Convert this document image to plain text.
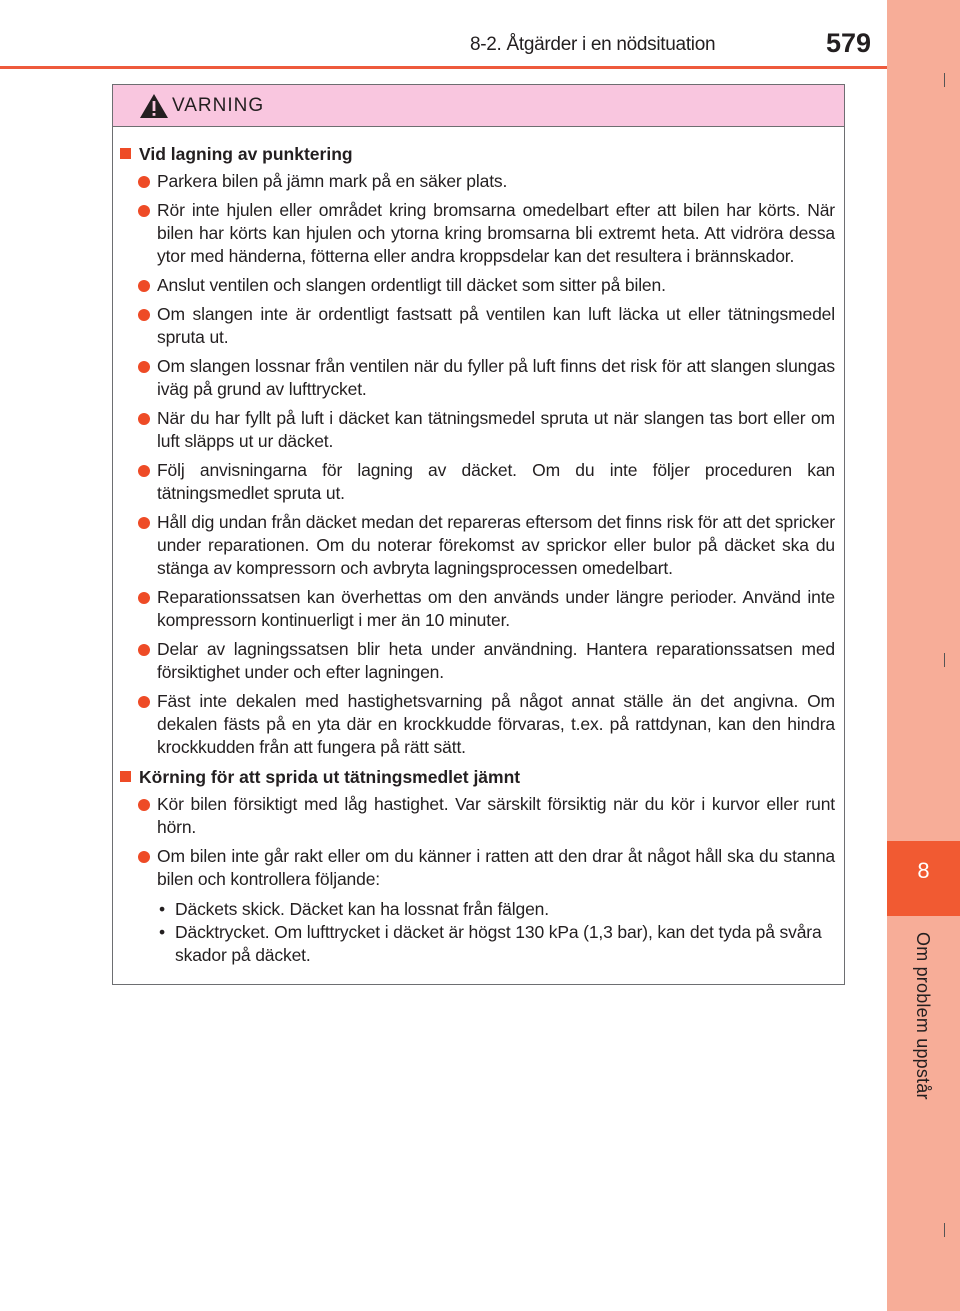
8-2. Åtgärder i en nödsituation	579
8
Om problem uppstår
VARNING
Vid lagning av punktering
Parkera bilen på jämn mark på en säker plats.
Rör inte hjulen eller området kring bromsarna omedelbart efter att bilen har körts. När bilen har körts kan hjulen och ytorna kring bromsarna bli extremt heta. Att vidröra dessa ytor med händerna, fötterna eller andra kroppsdelar kan det resultera i brännskador.
Anslut ventilen och slangen ordentligt till däcket som sitter på bilen.
Om slangen inte är ordentligt fastsatt på ventilen kan luft läcka ut eller tätningsmedel spruta ut.
Om slangen lossnar från ventilen när du fyller på luft finns det risk för att slangen slungas iväg på grund av lufttrycket.
När du har fyllt på luft i däcket kan tätningsmedel spruta ut när slangen tas bort eller om luft släpps ut ur däcket.
Följ anvisningarna för lagning av däcket. Om du inte följer proceduren kan tätningsmedlet spruta ut.
Håll dig undan från däcket medan det repareras eftersom det finns risk för att det spricker under reparationen. Om du noterar förekomst av sprickor eller bulor på däcket ska du stänga av kompressorn och avbryta lagningsprocessen omedelbart.
Reparationssatsen kan överhettas om den används under längre perioder. Använd inte kompressorn kontinuerligt i mer än 10 minuter.
Delar av lagningssatsen blir heta under användning. Hantera reparationssatsen med försiktighet under och efter lagningen.
Fäst inte dekalen med hastighetsvarning på något annat ställe än det angivna. Om dekalen fästs på en yta där en krockkudde förvaras, t.ex. på rattdynan, kan den hindra krockkudden från att fungera på rätt sätt.
Körning för att sprida ut tätningsmedlet jämnt
Kör bilen försiktigt med låg hastighet. Var särskilt försiktig när du kör i kurvor eller runt hörn.
Om bilen inte går rakt eller om du känner i ratten att den drar åt något håll ska du stanna bilen och kontrollera följande:
• Däckets skick. Däcket kan ha lossnat från fälgen.
• Däcktrycket. Om lufttrycket i däcket är högst 130 kPa (1,3 bar), kan det tyda på svåra skador på däcket.
